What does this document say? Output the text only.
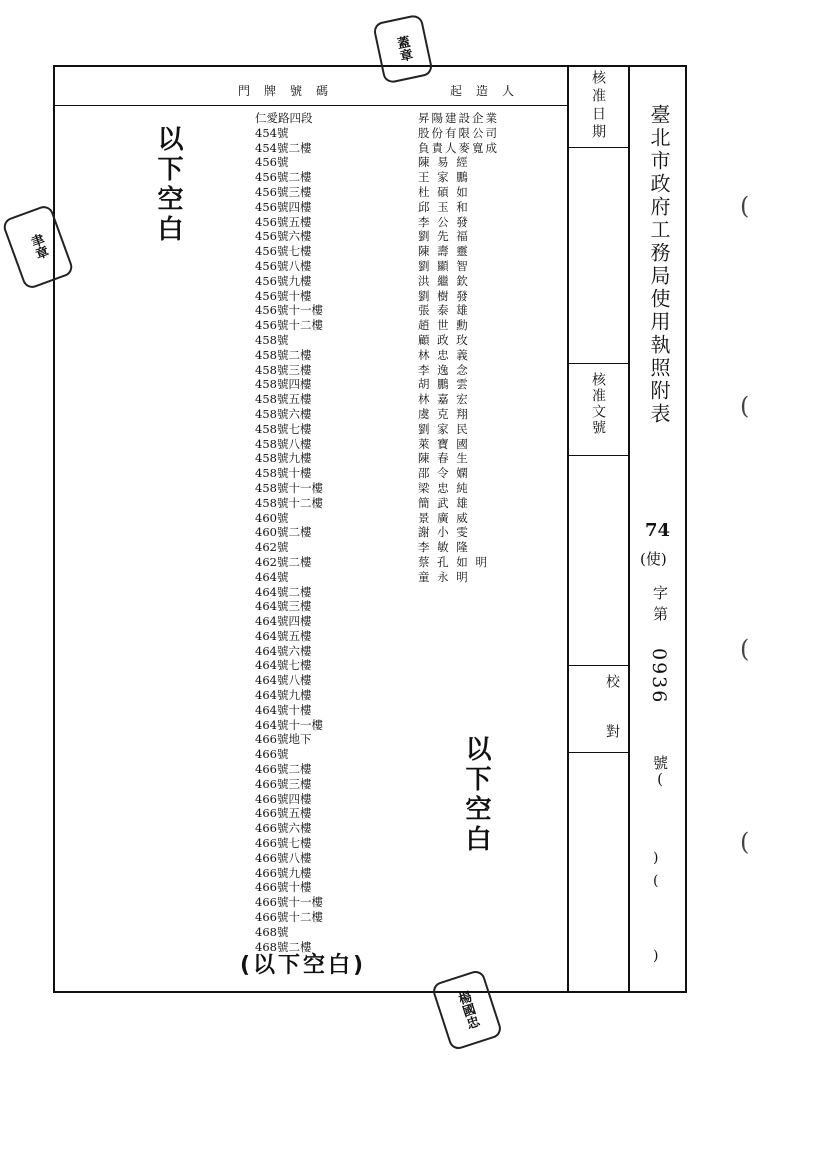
門牌號碼	起造人	核准日期
核准文號
校對
臺北市政府工務局使用執照附表
74
(使)
字第
0936
號(
)
(
)
仁愛路四段
454號
454號二樓
456號
456號二樓
456號三樓
456號四樓
456號五樓
456號六樓
456號七樓
456號八樓
456號九樓
456號十樓
456號十一樓
456號十二樓
458號
458號二樓
458號三樓
458號四樓
458號五樓
458號六樓
458號七樓
458號八樓
458號九樓
458號十樓
458號十一樓
458號十二樓
460號
460號二樓
462號
462號二樓
464號
464號二樓
464號三樓
464號四樓
464號五樓
464號六樓
464號七樓
464號八樓
464號九樓
464號十樓
464號十一樓
466號地下
466號
466號二樓
466號三樓
466號四樓
466號五樓
466號六樓
466號七樓
466號八樓
466號九樓
466號十樓
466號十一樓
466號十二樓
468號
468號二樓
昇陽建設企業
股份有限公司
負責人麥寬成
陳 易 經
王 家 鵬
杜 碩 如
邱 玉 和
李 公 發
劉 先 福
陳 壽 靈
劉 顯 智
洪 繼 欽
劉 樹 發
張 泰 雄
趙 世 勳
顧 政 玫
林 忠 義
李 逸 念
胡 鵬 雲
林 嘉 宏
虞 克 翔
劉 家 民
萊 寶 國
陳 春 生
邵 令 嫻
梁 忠 純
簡 武 雄
景 廣 威
謝 小 雯
李 敏 隆
蔡 孔 如 明
童 永 明
以下空白
以下空白
(以下空白)
蓋章
聿章
楊國忠
(
(
(
(
